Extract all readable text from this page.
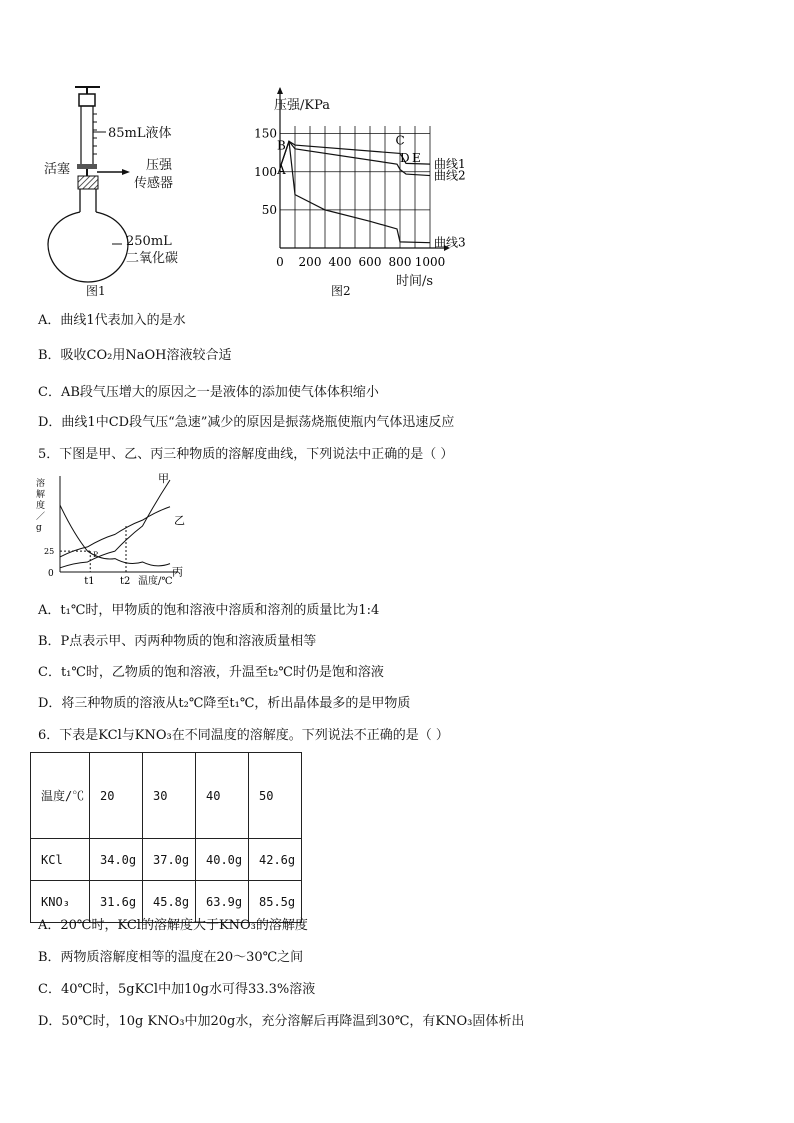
85mL液体
活塞	压强
传感器
250mL
二氧化碳
图1
50
100
150
0 200 400 600 800 1000
曲线1
曲线2
曲线3
A
B	C
D E
压强/KPa
时间/s
图2
A．曲线1代表加入的是水
B．吸收CO₂用NaOH溶液较合适
C．AB段气压增大的原因之一是液体的添加使气体体积缩小
D．曲线1中CD段气压“急速”减少的原因是振荡烧瓶使瓶内气体迅速反应
5．下图是甲、乙、丙三种物质的溶解度曲线，下列说法中正确的是（ ）
溶
解
度
／
g
甲
乙
丙
25
0
P
t1	t2 温度/℃
A．t₁℃时，甲物质的饱和溶液中溶质和溶剂的质量比为1:4
B．P点表示甲、丙两种物质的饱和溶液质量相等
C．t₁℃时，乙物质的饱和溶液，升温至t₂℃时仍是饱和溶液
D．将三种物质的溶液从t₂℃降至t₁℃，析出晶体最多的是甲物质
6．下表是KCl与KNO₃在不同温度的溶解度。下列说法不正确的是（ ）
温度/℃	20	30	40	50
KCl	34.0g	37.0g	40.0g	42.6g
KNO₃	31.6g	45.8g	63.9g	85.5g
A．20℃时，KCl的溶解度大于KNO₃的溶解度
B．两物质溶解度相等的温度在20～30℃之间
C．40℃时，5gKCl中加10g水可得33.3%溶液
D．50℃时，10g KNO₃中加20g水，充分溶解后再降温到30℃，有KNO₃固体析出
